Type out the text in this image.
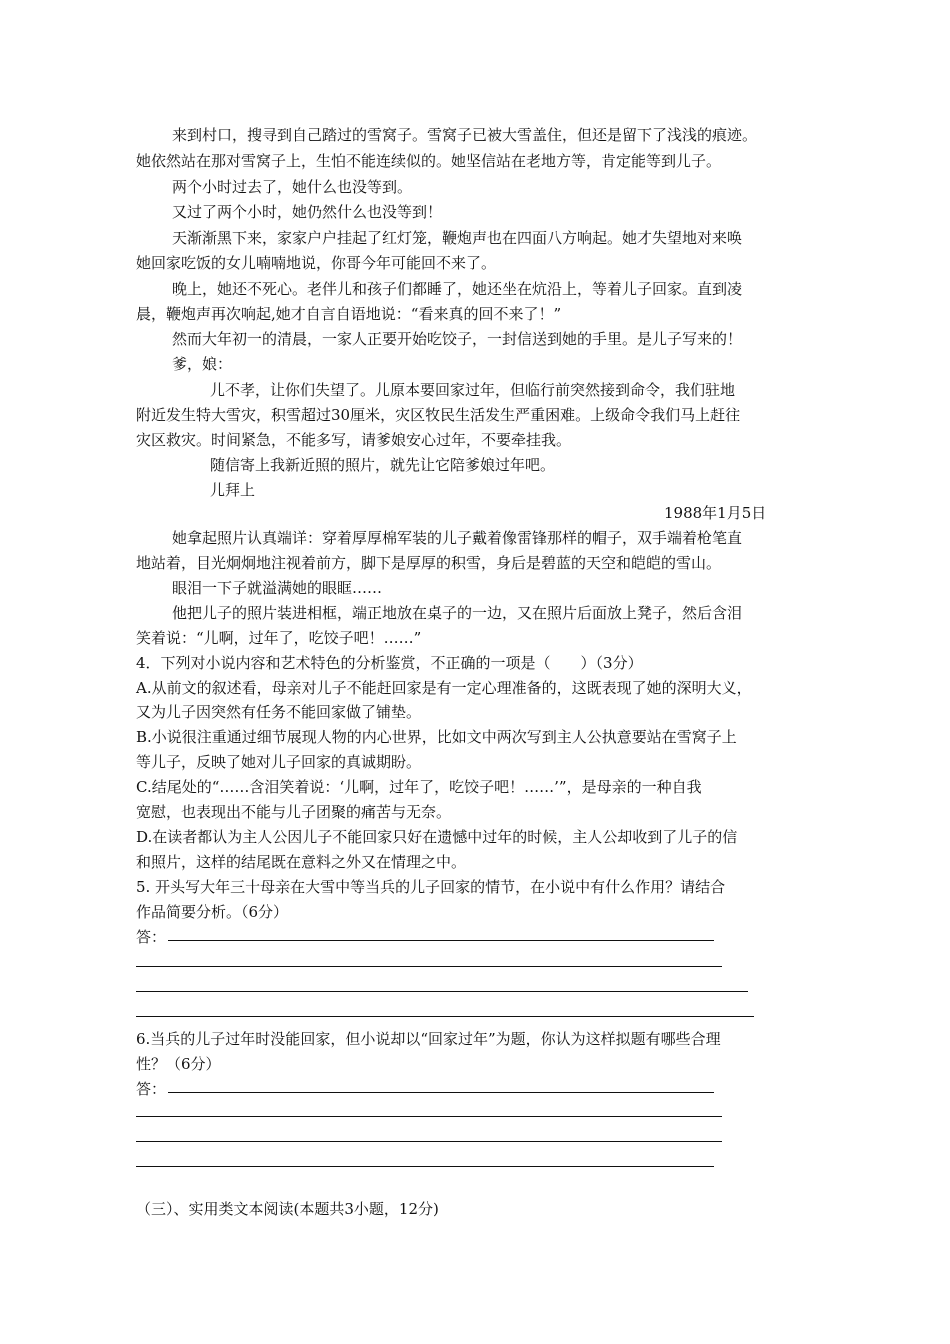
来到村口，搜寻到自己踏过的雪窝子。雪窝子已被大雪盖住，但还是留下了浅浅的痕迹。
她依然站在那对雪窝子上，生怕不能连续似的。她坚信站在老地方等，肯定能等到儿子。
两个小时过去了，她什么也没等到。
又过了两个小时，她仍然什么也没等到！
天渐渐黑下来，家家户户挂起了红灯笼，鞭炮声也在四面八方响起。她才失望地对来唤
她回家吃饭的女儿喃喃地说，你哥今年可能回不来了。
晚上，她还不死心。老伴儿和孩子们都睡了，她还坐在炕沿上，等着儿子回家。直到凌
晨，鞭炮声再次响起,她才自言自语地说：“看来真的回不来了！”
然而大年初一的清晨，一家人正要开始吃饺子，一封信送到她的手里。是儿子写来的！
爹，娘：
儿不孝，让你们失望了。儿原本要回家过年，但临行前突然接到命令，我们驻地
附近发生特大雪灾，积雪超过30厘米，灾区牧民生活发生严重困难。上级命令我们马上赶往
灾区救灾。时间紧急，不能多写，请爹娘安心过年，不要牵挂我。
随信寄上我新近照的照片，就先让它陪爹娘过年吧。
儿拜上
1988年1月5日
她拿起照片认真端详：穿着厚厚棉军装的儿子戴着像雷锋那样的帽子，双手端着枪笔直
地站着，目光炯炯地注视着前方，脚下是厚厚的积雪，身后是碧蓝的天空和皑皑的雪山。
眼泪一下子就溢满她的眼眶……
他把儿子的照片装进相框，端正地放在桌子的一边，又在照片后面放上凳子，然后含泪
笑着说：“儿啊，过年了，吃饺子吧！……”
4．下列对小说内容和艺术特色的分析鉴赏，不正确的一项是（　　）（3分）
A.从前文的叙述看，母亲对儿子不能赶回家是有一定心理准备的，这既表现了她的深明大义，
又为儿子因突然有任务不能回家做了铺垫。
B.小说很注重通过细节展现人物的内心世界，比如文中两次写到主人公执意要站在雪窝子上
等儿子，反映了她对儿子回家的真诚期盼。
C.结尾处的“……含泪笑着说：‘儿啊，过年了，吃饺子吧！……’”，是母亲的一种自我
宽慰，也表现出不能与儿子团聚的痛苦与无奈。
D.在读者都认为主人公因儿子不能回家只好在遗憾中过年的时候，主人公却收到了儿子的信
和照片，这样的结尾既在意料之外又在情理之中。
5. 开头写大年三十母亲在大雪中等当兵的儿子回家的情节，在小说中有什么作用？请结合
作品简要分析。（6分）
答：
6.当兵的儿子过年时没能回家，但小说却以“回家过年”为题，你认为这样拟题有哪些合理
性？（6分）
答：
（三）、实用类文本阅读(本题共3小题，12分)
